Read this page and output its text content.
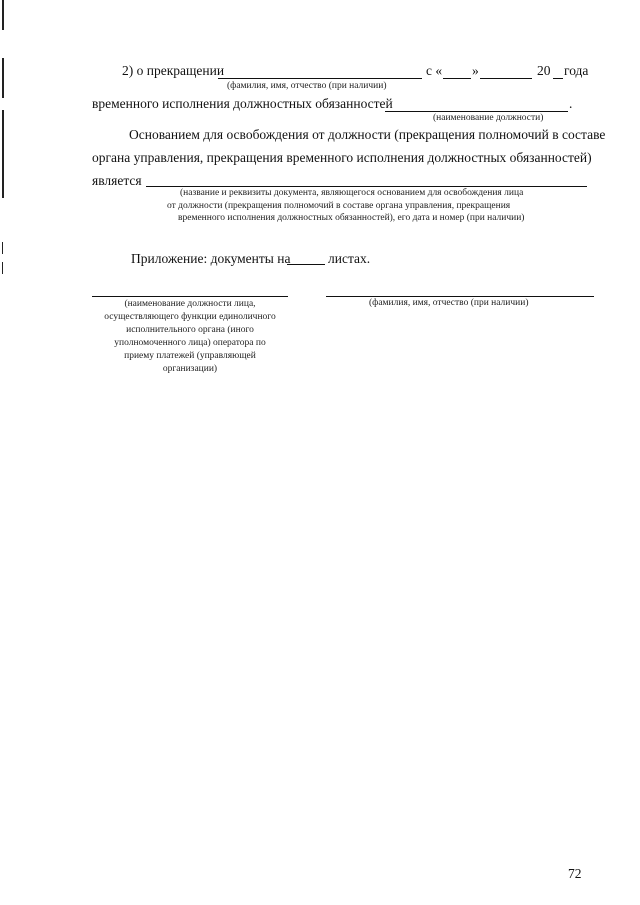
2) о прекращении	с « »	20 года
(фамилия, имя, отчество (при наличии)
временного исполнения должностных обязанностей	.
(наименование должности)
Основанием для освобождения от должности (прекращения полномочий в составе
органа управления, прекращения временного исполнения должностных обязанностей)
является
(название и реквизиты документа, являющегося основанием для освобождения лица
от должности (прекращения полномочий в составе органа управления, прекращения
временного исполнения должностных обязанностей), его дата и номер (при наличии)
Приложение: документы на	листах.
(наименование должности лица,
осуществляющего функции единоличного
исполнительного органа (иного
уполномоченного лица) оператора по
приему платежей (управляющей
организации)
(фамилия, имя, отчество (при наличии)
72
